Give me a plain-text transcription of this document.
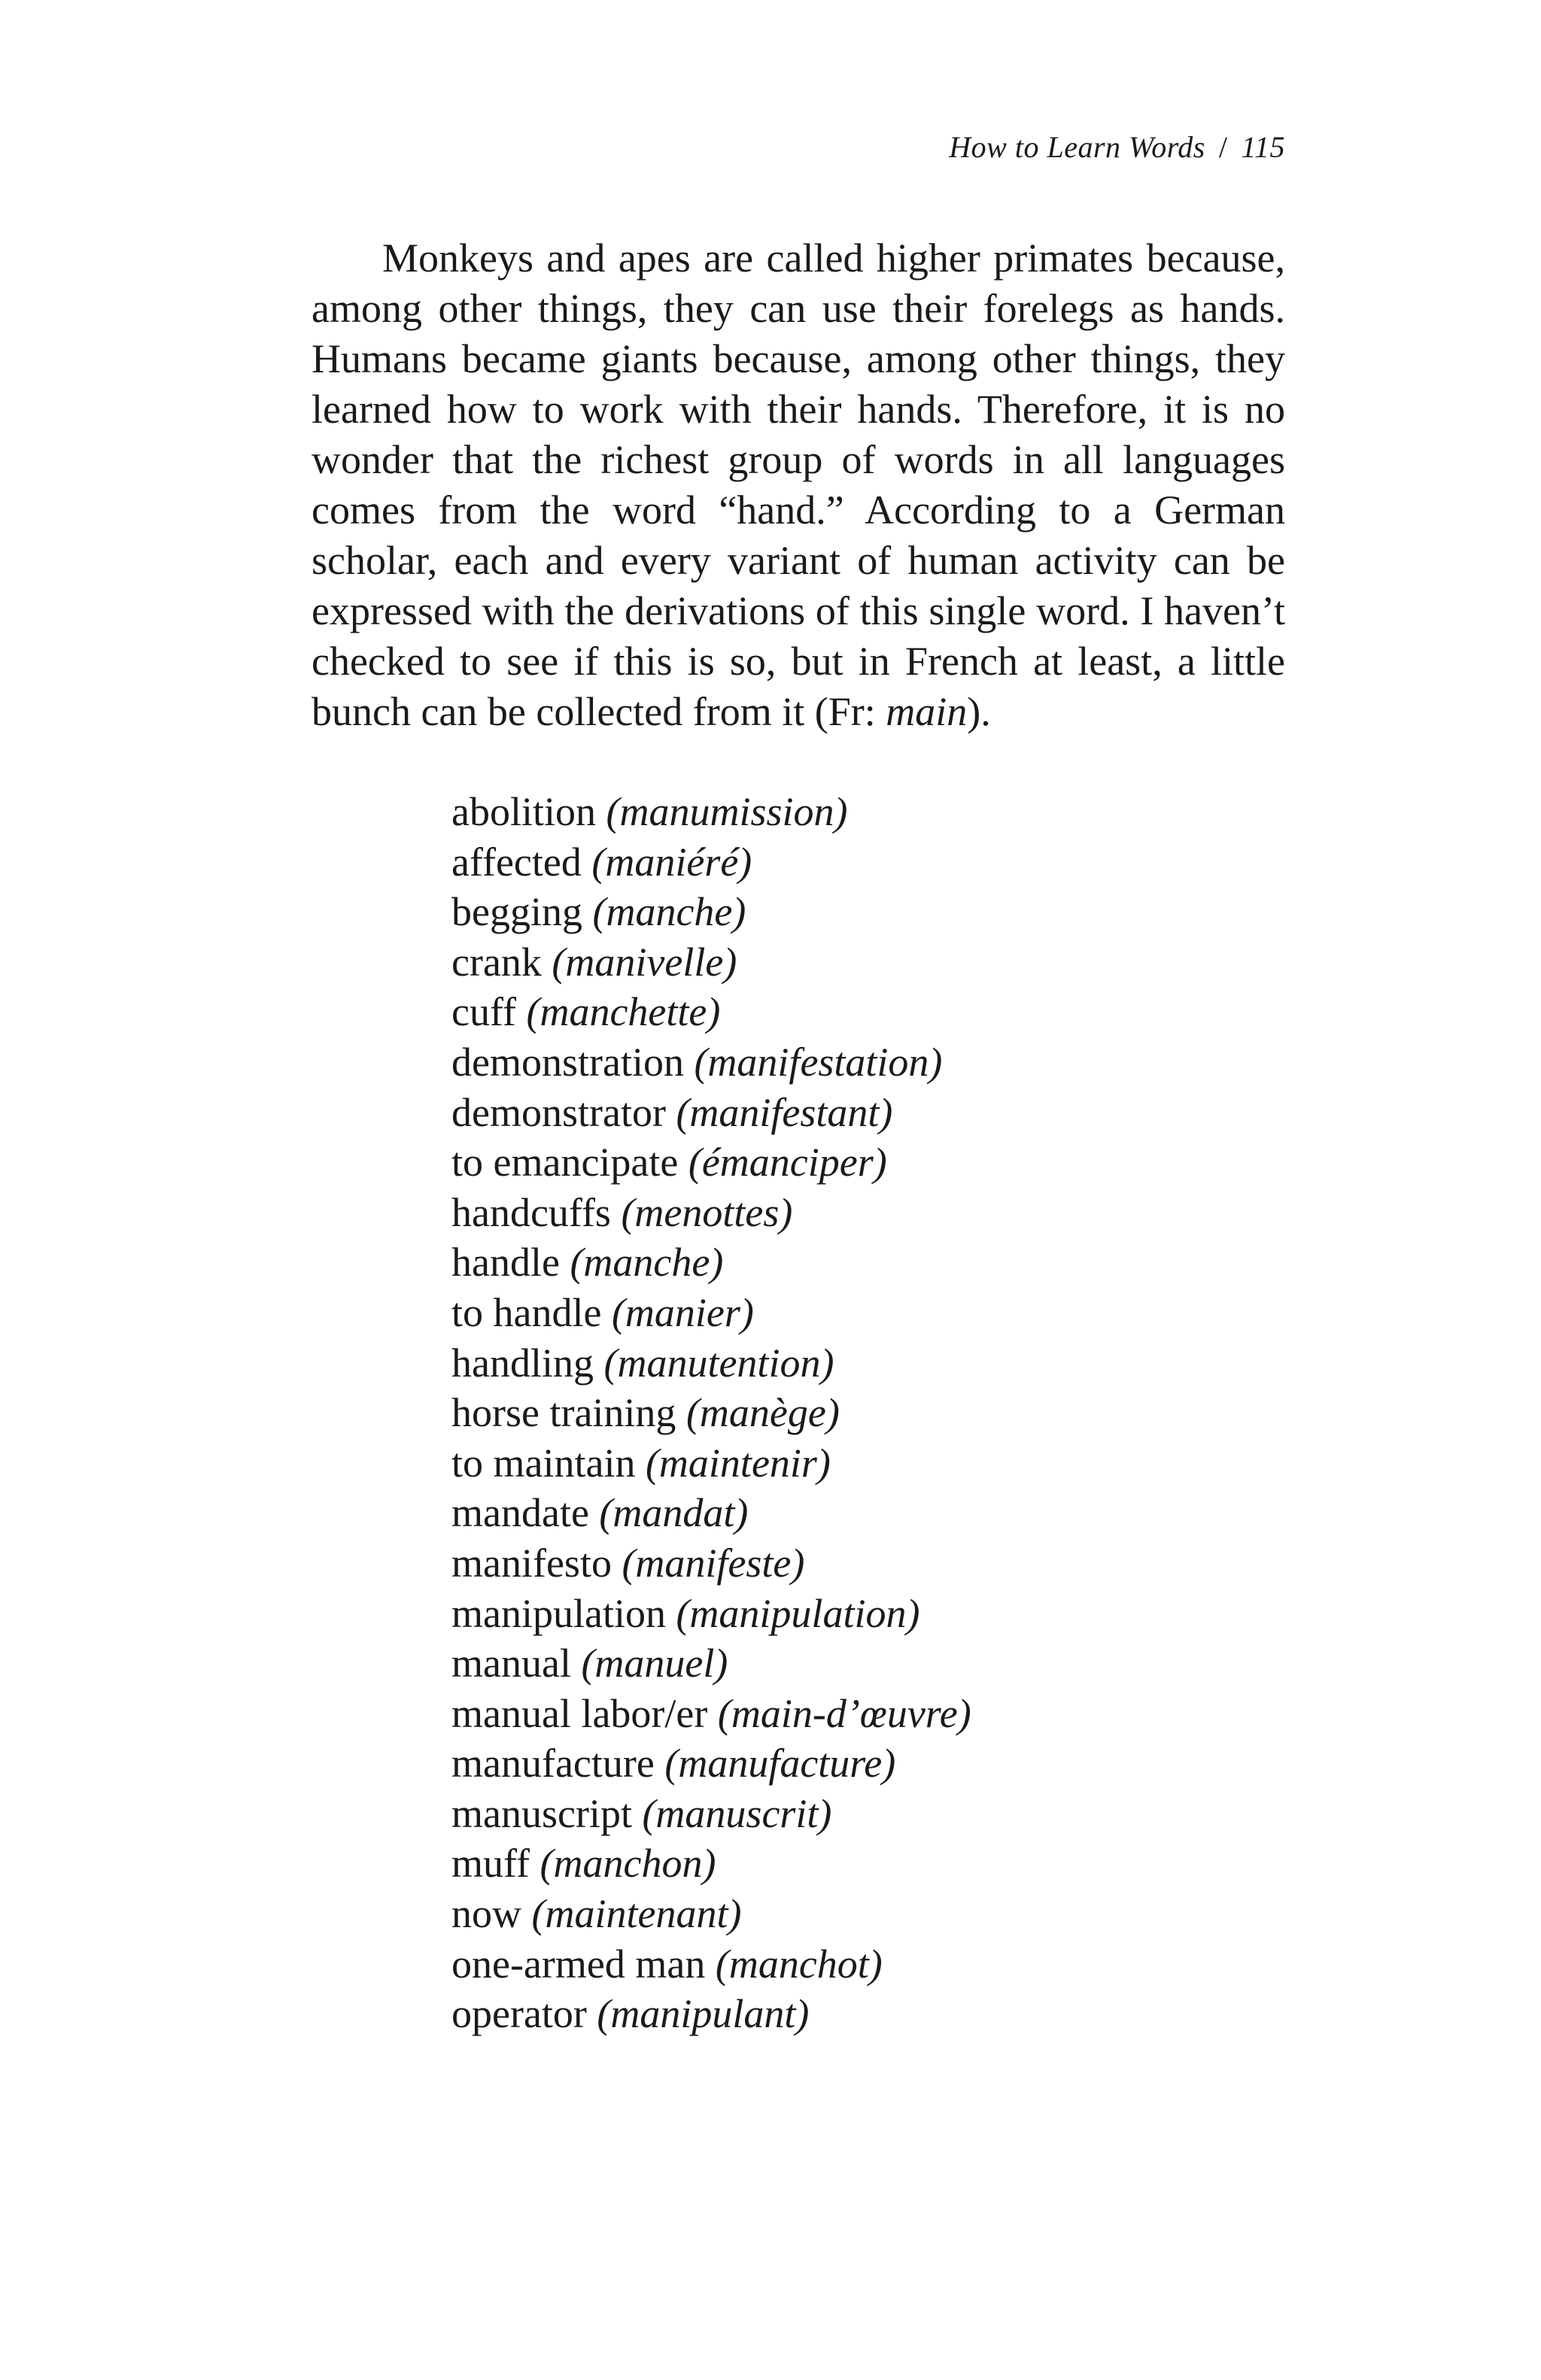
How to Learn Words / 115

Monkeys and apes are called higher primates because, among other things, they can use their forelegs as hands. Humans became giants because, among other things, they learned how to work with their hands. Therefore, it is no wonder that the richest group of words in all languages comes from the word “hand.” According to a German scholar, each and every variant of human activity can be expressed with the derivations of this single word. I haven’t checked to see if this is so, but in French at least, a little bunch can be collected from it (Fr: main).

abolition (manumission)
affected (maniéré)
begging (manche)
crank (manivelle)
cuff (manchette)
demonstration (manifestation)
demonstrator (manifestant)
to emancipate (émanciper)
handcuffs (menottes)
handle (manche)
to handle (manier)
handling (manutention)
horse training (manège)
to maintain (maintenir)
mandate (mandat)
manifesto (manifeste)
manipulation (manipulation)
manual (manuel)
manual labor/er (main-d’œuvre)
manufacture (manufacture)
manuscript (manuscrit)
muff (manchon)
now (maintenant)
one-armed man (manchot)
operator (manipulant)
